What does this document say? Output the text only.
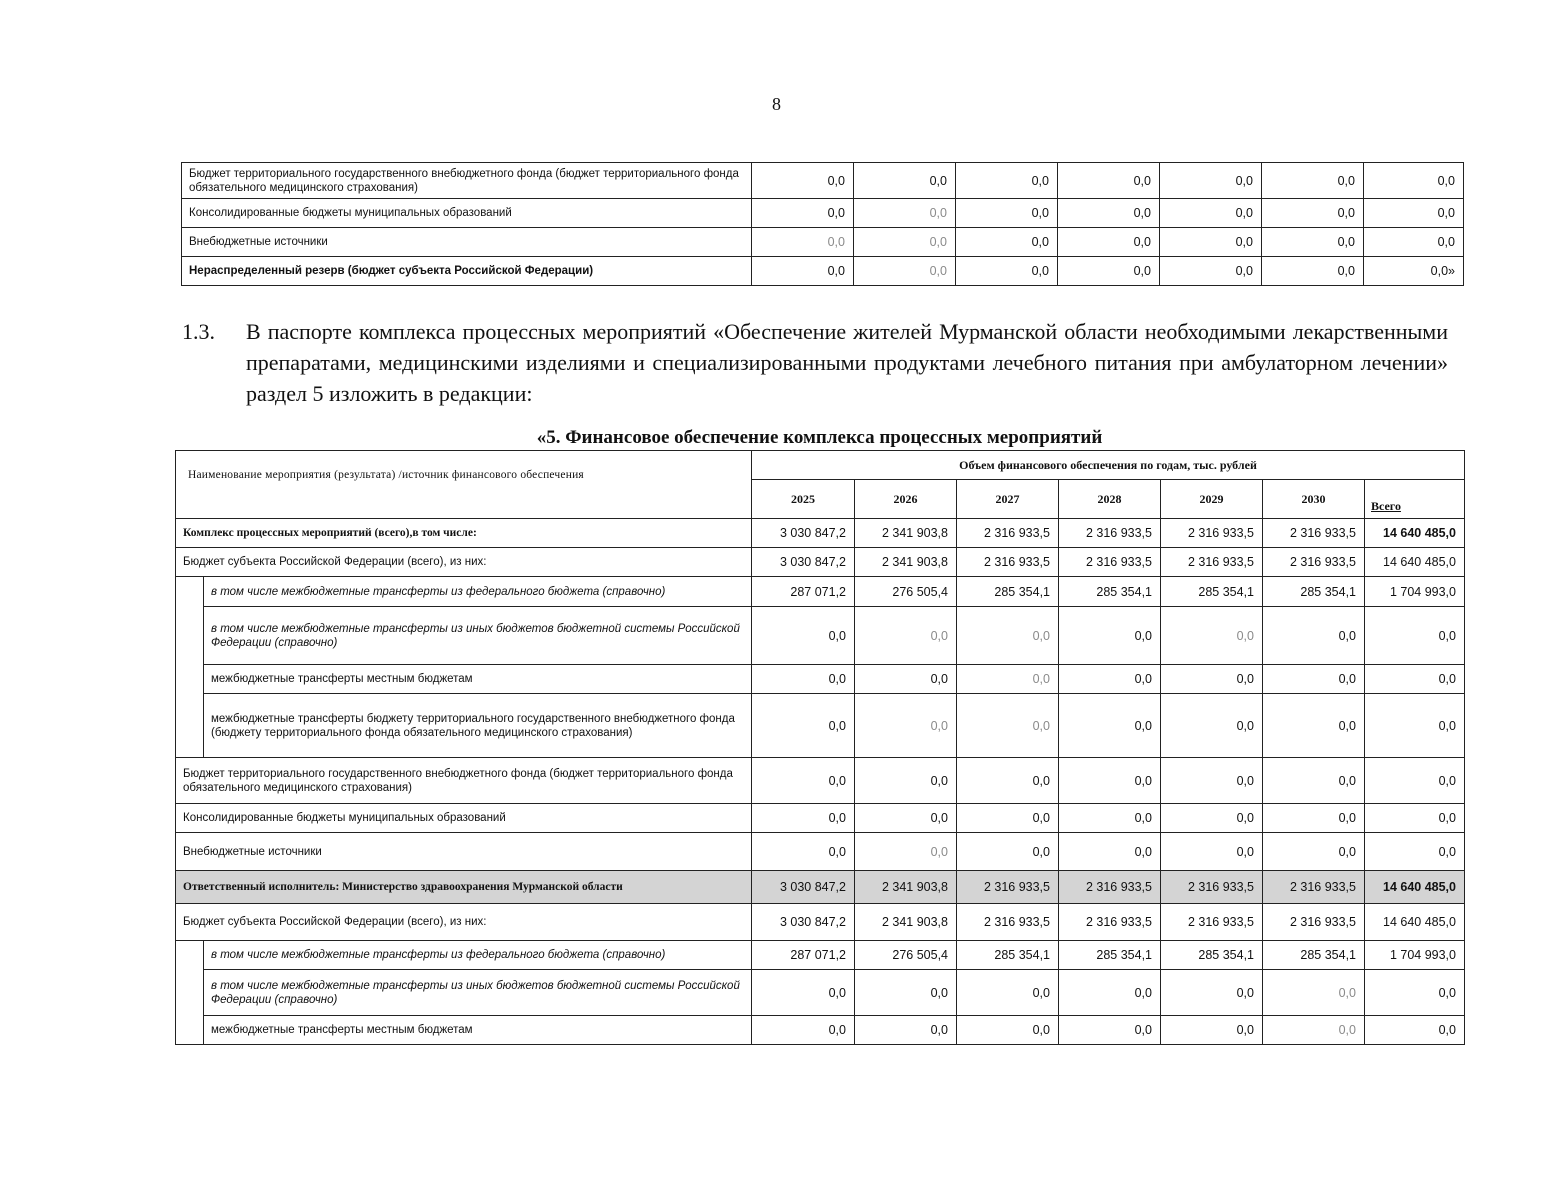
8
Бюджет территориального государственного внебюджетного фонда (бюджет территориального фонда обязательного медицинского страхования)	0,0	0,0	0,0	0,0	0,0	0,0	0,0
Консолидированные бюджеты муниципальных образований	0,0	0,0	0,0	0,0	0,0	0,0	0,0
Внебюджетные источники	0,0	0,0	0,0	0,0	0,0	0,0	0,0
Нераспределенный резерв (бюджет субъекта Российской Федерации)	0,0	0,0	0,0	0,0	0,0	0,0	0,0»
1.3. В паспорте комплекса процессных мероприятий «Обеспечение жителей Мурманской области необходимыми лекарственными препаратами, медицинскими изделиями и специализированными продуктами лечебного питания при амбулаторном лечении» раздел 5 изложить в редакции:
«5. Финансовое обеспечение комплекса процессных мероприятий
Наименование мероприятия (результата) /источник финансового обеспечения		Объем финансового обеспечения по годам, тыс. рублей						
		2025	2026	2027	2028	2029	2030	Всего
Комплекс процессных мероприятий (всего),в том числе:		3 030 847,2	2 341 903,8	2 316 933,5	2 316 933,5	2 316 933,5	2 316 933,5	14 640 485,0
Бюджет субъекта Российской Федерации (всего), из них:		3 030 847,2	2 341 903,8	2 316 933,5	2 316 933,5	2 316 933,5	2 316 933,5	14 640 485,0
	в том числе межбюджетные трансферты из федерального бюджета (справочно)	287 071,2	276 505,4	285 354,1	285 354,1	285 354,1	285 354,1	1 704 993,0
	в том числе межбюджетные трансферты из иных бюджетов бюджетной системы Российской Федерации (справочно)	0,0	0,0	0,0	0,0	0,0	0,0	0,0
	межбюджетные трансферты местным бюджетам	0,0	0,0	0,0	0,0	0,0	0,0	0,0
	межбюджетные трансферты бюджету территориального государственного внебюджетного фонда (бюджету территориального фонда обязательного медицинского страхования)	0,0	0,0	0,0	0,0	0,0	0,0	0,0
Бюджет территориального государственного внебюджетного фонда (бюджет территориального фонда обязательного медицинского страхования)		0,0	0,0	0,0	0,0	0,0	0,0	0,0
Консолидированные бюджеты муниципальных образований		0,0	0,0	0,0	0,0	0,0	0,0	0,0
Внебюджетные источники		0,0	0,0	0,0	0,0	0,0	0,0	0,0
Ответственный исполнитель: Министерство здравоохранения Мурманской области		3 030 847,2	2 341 903,8	2 316 933,5	2 316 933,5	2 316 933,5	2 316 933,5	14 640 485,0
Бюджет субъекта Российской Федерации (всего), из них:		3 030 847,2	2 341 903,8	2 316 933,5	2 316 933,5	2 316 933,5	2 316 933,5	14 640 485,0
	в том числе межбюджетные трансферты из федерального бюджета (справочно)	287 071,2	276 505,4	285 354,1	285 354,1	285 354,1	285 354,1	1 704 993,0
	в том числе межбюджетные трансферты из иных бюджетов бюджетной системы Российской Федерации (справочно)	0,0	0,0	0,0	0,0	0,0	0,0	0,0
	межбюджетные трансферты местным бюджетам	0,0	0,0	0,0	0,0	0,0	0,0	0,0
